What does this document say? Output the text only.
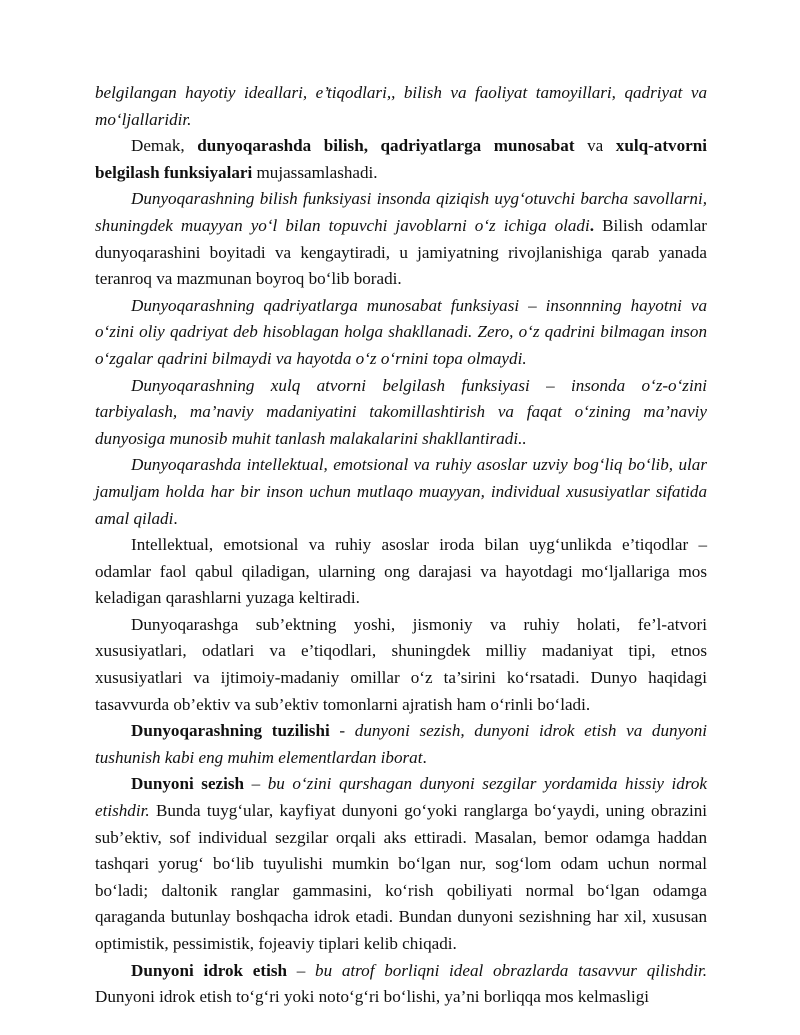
belgilangan hayotiy ideallari, e’tiqodlari,, bilish va faoliyat tamoyillari, qadriyat va mo‘ljallaridir.

Demak, dunyoqarashda bilish, qadriyatlarga munosabat va xulq-atvorni belgilash funksiyalari mujassamlashadi.

Dunyoqarashning bilish funksiyasi insonda qiziqish uyg‘otuvchi barcha savollarni, shuningdek muayyan yo‘l bilan topuvchi javoblarni o‘z ichiga oladi. Bilish odamlar dunyoqarashini boyitadi va kengaytiradi, u jamiyatning rivojlanishiga qarab yanada teranroq va mazmunan boyroq bo‘lib boradi.

Dunyoqarashning qadriyatlarga munosabat funksiyasi – insonnning hayotni va o‘zini oliy qadriyat deb hisoblagan holga shakllanadi. Zero, o‘z qadrini bilmagan inson o‘zgalar qadrini bilmaydi va hayotda o‘z o‘rnini topa olmaydi.

Dunyoqarashning xulq atvorni belgilash funksiyasi – insonda o‘z-o‘zini tarbiyalash, ma’naviy madaniyatini takomillashtirish va faqat o‘zining ma’naviy dunyosiga munosib muhit tanlash malakalarini shakllantiradi..

Dunyoqarashda intellektual, emotsional va ruhiy asoslar uzviy bog‘liq bo‘lib, ular jamuljam holda har bir inson uchun mutlaqo muayyan, individual xususiyatlar sifatida amal qiladi.

Intellektual, emotsional va ruhiy asoslar iroda bilan uyg‘unlikda e’tiqodlar – odamlar faol qabul qiladigan, ularning ong darajasi va hayotdagi mo‘ljallariga mos keladigan qarashlarni yuzaga keltiradi.

Dunyoqarashga sub’ektning yoshi, jismoniy va ruhiy holati, fe’l-atvori xususiyatlari, odatlari va e’tiqodlari, shuningdek milliy madaniyat tipi, etnos xususiyatlari va ijtimoiy-madaniy omillar o‘z ta’sirini ko‘rsatadi. Dunyo haqidagi tasavvurda ob’ektiv va sub’ektiv tomonlarni ajratish ham o‘rinli bo‘ladi.

Dunyoqarashning tuzilishi - dunyoni sezish, dunyoni idrok etish va dunyoni tushunish kabi eng muhim elementlardan iborat.

Dunyoni sezish – bu o‘zini qurshagan dunyoni sezgilar yordamida hissiy idrok etishdir. Bunda tuyg‘ular, kayfiyat dunyoni go‘yoki ranglarga bo‘yaydi, uning obrazini sub’ektiv, sof individual sezgilar orqali aks ettiradi. Masalan, bemor odamga haddan tashqari yorug‘ bo‘lib tuyulishi mumkin bo‘lgan nur, sog‘lom odam uchun normal bo‘ladi; daltonik ranglar gammasini, ko‘rish qobiliyati normal bo‘lgan odamga qaraganda butunlay boshqacha idrok etadi. Bundan dunyoni sezishning har xil, xususan optimistik, pessimistik, fojeaviy tiplari kelib chiqadi.

Dunyoni idrok etish – bu atrof borliqni ideal obrazlarda tasavvur qilishdir. Dunyoni idrok etish to‘g‘ri yoki noto‘g‘ri bo‘lishi, ya’ni borliqqa mos kelmasligi
